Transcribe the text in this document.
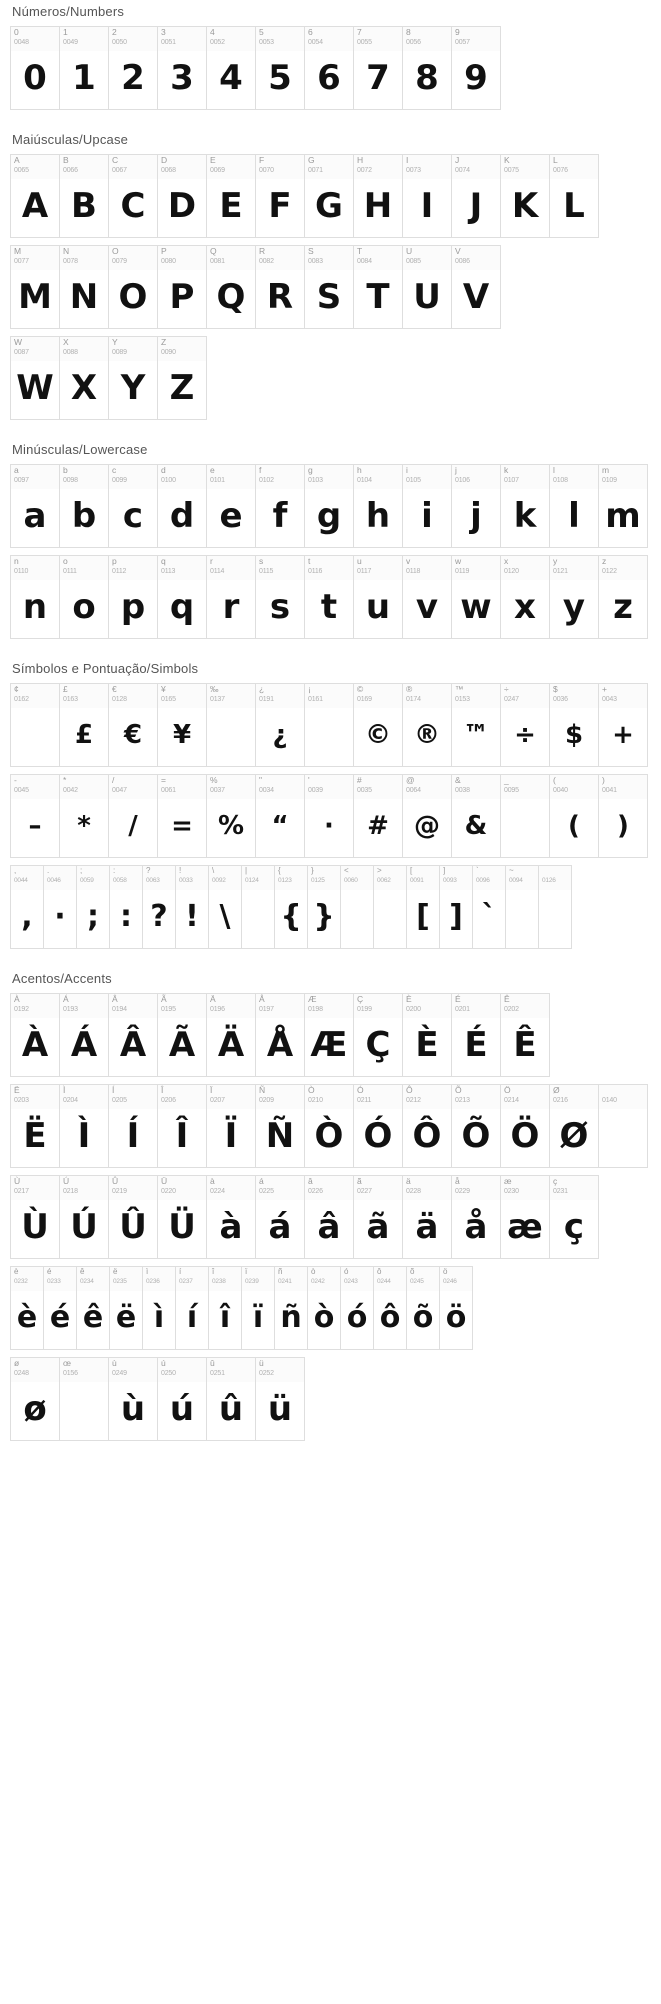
Números/Numbers
0
0048
0
1
0049
1
2
0050
2
3
0051
3
4
0052
4
5
0053
5
6
0054
6
7
0055
7
8
0056
8
9
0057
9
Maiúsculas/Upcase
A
0065
A
B
0066
B
C
0067
C
D
0068
D
E
0069
E
F
0070
F
G
0071
G
H
0072
H
I
0073
I
J
0074
J
K
0075
K
L
0076
L
M
0077
M
N
0078
N
O
0079
O
P
0080
P
Q
0081
Q
R
0082
R
S
0083
S
T
0084
T
U
0085
U
V
0086
V
W
0087
W
X
0088
X
Y
0089
Y
Z
0090
Z
Minúsculas/Lowercase
a
0097
a
b
0098
b
c
0099
c
d
0100
d
e
0101
e
f
0102
f
g
0103
g
h
0104
h
i
0105
i
j
0106
j
k
0107
k
l
0108
l
m
0109
m
n
0110
n
o
0111
o
p
0112
p
q
0113
q
r
0114
r
s
0115
s
t
0116
t
u
0117
u
v
0118
v
w
0119
w
x
0120
x
y
0121
y
z
0122
z
Símbolos e Pontuação/Simbols
¢
0162
£
0163
£
€
0128
€
¥
0165
¥
‰
0137
¿
0191
¿
¡
0161
©
0169
©
®
0174
®
™
0153
™
÷
0247
÷
$
0036
$
+
0043
+
-
0045
–
*
0042
*
/
0047
/
=
0061
=
%
0037
%
"
0034
“
'
0039
·
#
0035
#
@
0064
@
&
0038
&
_
0095
(
0040
(
)
0041
)
,
0044
,
.
0046
·
;
0059
;
:
0058
:
?
0063
?
!
0033
!
\
0092
\
|
0124
{
0123
{
}
0125
}
<
0060
>
0062
[
0091
[
]
0093
]
`
0096
`
~
0094	0126
Acentos/Accents
À
0192
À
Á
0193
Á
Â
0194
Â
Ã
0195
Ã
Ä
0196
Ä
Å
0197
Å
Æ
0198
Æ
Ç
0199
Ç
È
0200
È
É
0201
É
Ê
0202
Ê
Ë
0203
Ë
Ì
0204
Ì
Í
0205
Í
Î
0206
Î
Ï
0207
Ï
Ñ
0209
Ñ
Ò
0210
Ò
Ó
0211
Ó
Ô
0212
Ô
Õ
0213
Õ
Ö
0214
Ö
Ø
0216
Ø
0140
Ù
0217
Ù
Ú
0218
Ú
Û
0219
Û
Ü
0220
Ü
à
0224
à
á
0225
á
â
0226
â
ã
0227
ã
ä
0228
ä
å
0229
å
æ
0230
æ
ç
0231
ç
è
0232
è
é
0233
é
ê
0234
ê
ë
0235
ë
ì
0236
ì
í
0237
í
î
0238
î
ï
0239
ï
ñ
0241
ñ
ò
0242
ò
ó
0243
ó
ô
0244
ô
õ
0245
õ
ö
0246
ö
ø
0248
ø
œ
0156
ù
0249
ù
ú
0250
ú
û
0251
û
ü
0252
ü
